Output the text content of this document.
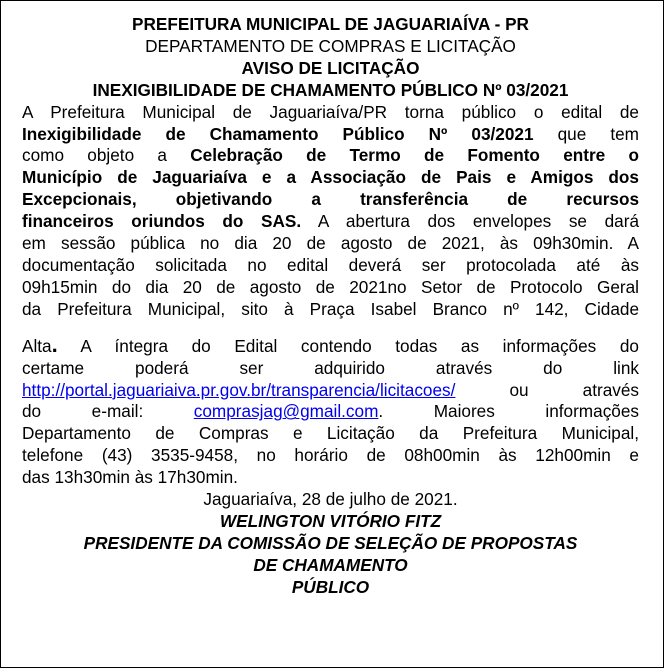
PREFEITURA MUNICIPAL DE JAGUARIAÍVA - PR

DEPARTAMENTO DE COMPRAS E LICITAÇÃO

AVISO DE LICITAÇÃO

INEXIGIBILIDADE DE CHAMAMENTO PÚBLICO Nº 03/2021

A Prefeitura Municipal de Jaguariaíva/PR torna público o edital de

Inexigibilidade de Chamamento Público Nº 03/2021 que tem

como objeto a Celebração de Termo de Fomento entre o

Município de Jaguariaíva e a Associação de Pais e Amigos dos

Excepcionais, objetivando a transferência de recursos

financeiros oriundos do SAS. A abertura dos envelopes se dará

em sessão pública no dia 20 de agosto de 2021, às 09h30min. A

documentação solicitada no edital deverá ser protocolada até às

09h15min do dia 20 de agosto de 2021no Setor de Protocolo Geral

da Prefeitura Municipal, sito à Praça Isabel Branco nº 142, Cidade

Alta. A íntegra do Edital contendo todas as informações do

certame poderá ser adquirido através do link

http://portal.jaguariaiva.pr.gov.br/transparencia/licitacoes/ ou através

do e-mail: comprasjag@gmail.com. Maiores informações

Departamento de Compras e Licitação da Prefeitura Municipal,

telefone (43) 3535-9458, no horário de 08h00min às 12h00min e

das 13h30min às 17h30min.

Jaguariaíva, 28 de julho de 2021.

WELINGTON VITÓRIO FITZ

PRESIDENTE DA COMISSÃO DE SELEÇÃO DE PROPOSTAS

DE CHAMAMENTO

PÚBLICO
